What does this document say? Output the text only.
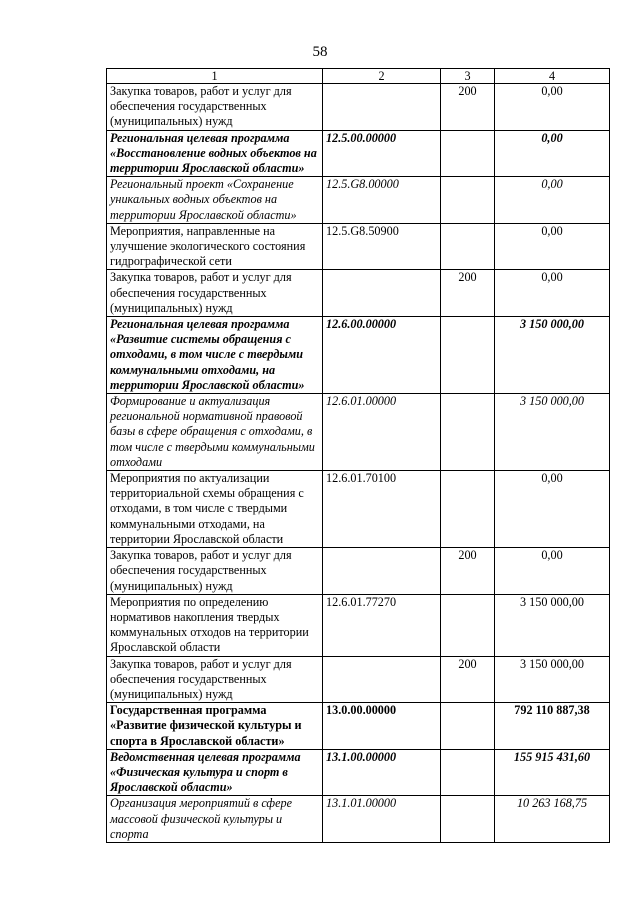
58
1	2	3	4
Закупка товаров, работ и услуг для обеспечения государственных (муниципальных) нужд		200	0,00
Региональная целевая программа «Восстановление водных объектов на территории Ярославской области»	12.5.00.00000		0,00
Региональный проект «Сохранение уникальных водных объектов на территории Ярославской области»	12.5.G8.00000		0,00
Мероприятия, направленные на улучшение экологического состояния гидрографической сети	12.5.G8.50900		0,00
Закупка товаров, работ и услуг для обеспечения государственных (муниципальных) нужд		200	0,00
Региональная целевая программа «Развитие системы обращения с отходами, в том числе с твердыми коммунальными отходами, на территории Ярославской области»	12.6.00.00000		3 150 000,00
Формирование и актуализация региональной нормативной правовой базы в сфере обращения с отходами, в том числе с твердыми коммунальными отходами	12.6.01.00000		3 150 000,00
Мероприятия по актуализации территориальной схемы обращения с отходами, в том числе с твердыми коммунальными отходами, на территории Ярославской области	12.6.01.70100		0,00
Закупка товаров, работ и услуг для обеспечения государственных (муниципальных) нужд		200	0,00
Мероприятия по определению нормативов накопления твердых коммунальных отходов на территории Ярославской области	12.6.01.77270		3 150 000,00
Закупка товаров, работ и услуг для обеспечения государственных (муниципальных) нужд		200	3 150 000,00
Государственная программа «Развитие физической культуры и спорта в Ярославской области»	13.0.00.00000		792 110 887,38
Ведомственная целевая программа «Физическая культура и спорт в Ярославской области»	13.1.00.00000		155 915 431,60
Организация мероприятий в сфере массовой физической культуры и спорта	13.1.01.00000		10 263 168,75
